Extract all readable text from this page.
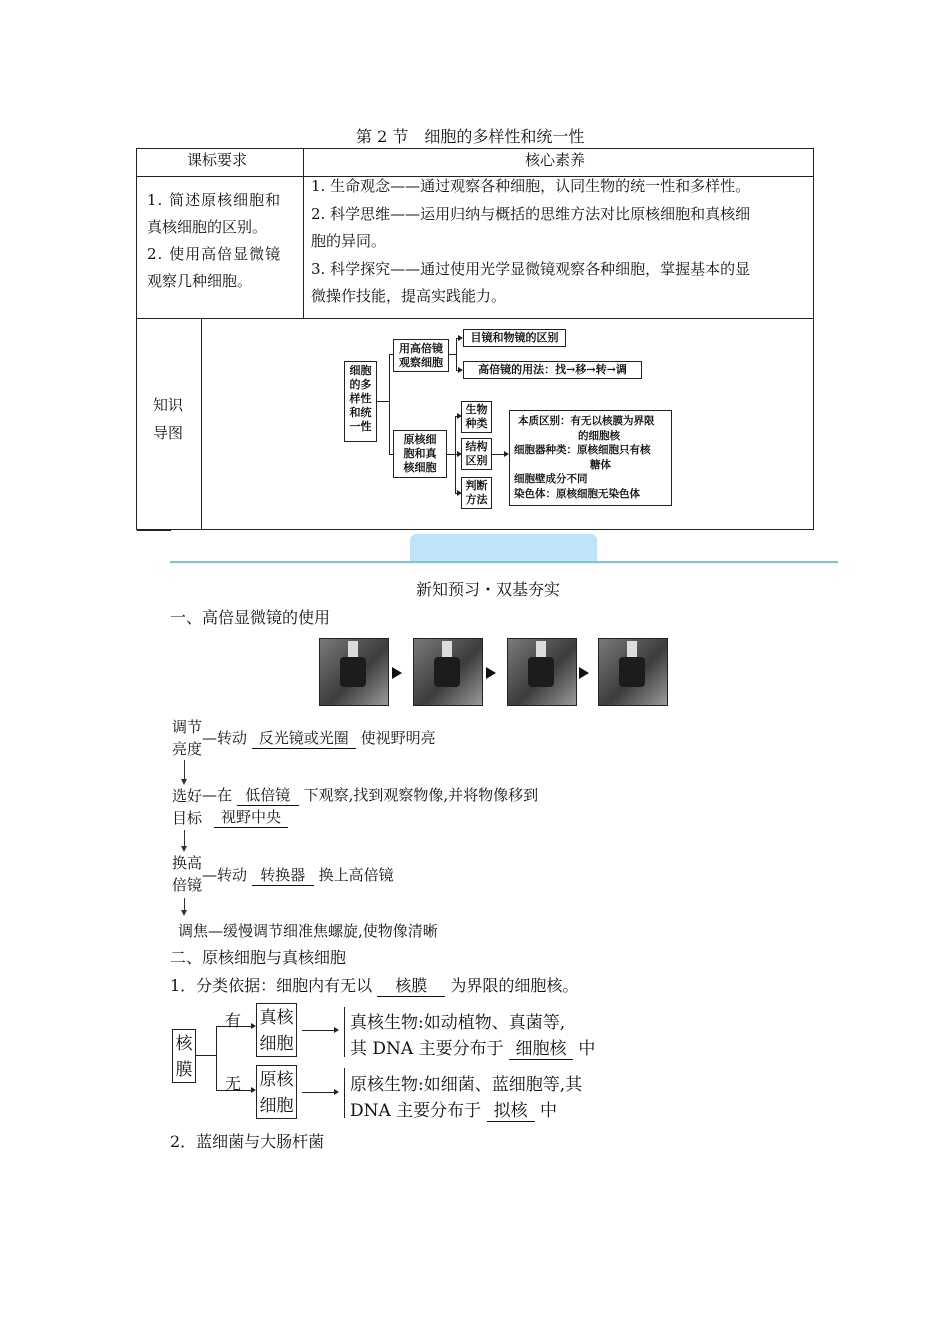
第 2 节　细胞的多样性和统一性
课标要求	核心素养
1. 简述原核细胞和
真核细胞的区别。
2. 使用高倍显微镜
观察几种细胞。
1. 生命观念——通过观察各种细胞，认同生物的统一性和多样性。
2. 科学思维——运用归纳与概括的思维方法对比原核细胞和真核细
胞的异同。
3. 科学探究——通过使用光学显微镜观察各种细胞，掌握基本的显
微操作技能，提高实践能力。
知识
导图
细胞
的多
样性
和统
一性
用高倍镜
观察细胞
目镜和物镜的区别
高倍镜的用法：找→移→转→调
原核细
胞和真
核细胞
生物
种类
结构
区别
判断
方法
本质区别：有无以核膜为界限
的细胞核
细胞器种类：原核细胞只有核
糖体
细胞壁成分不同
染色体：原核细胞无染色体
新知预习・双基夯实
一、高倍显微镜的使用
调节
亮度
—转动 反光镜或光圈 使视野明亮
选好
目标
—在 低倍镜 下观察,找到观察物像,并将物像移到
视野中央
换高
倍镜
—转动 转换器 换上高倍镜
调焦—缓慢调节细准焦螺旋,使物像清晰
二、原核细胞与真核细胞
1．分类依据：细胞内有无以 核膜 为界限的细胞核。
核
膜
有
无
真核
细胞
原核
细胞
真核生物:如动植物、真菌等,
其 DNA 主要分布于 细胞核 中
原核生物:如细菌、蓝细胞等,其
DNA 主要分布于 拟核 中
2．蓝细菌与大肠杆菌
